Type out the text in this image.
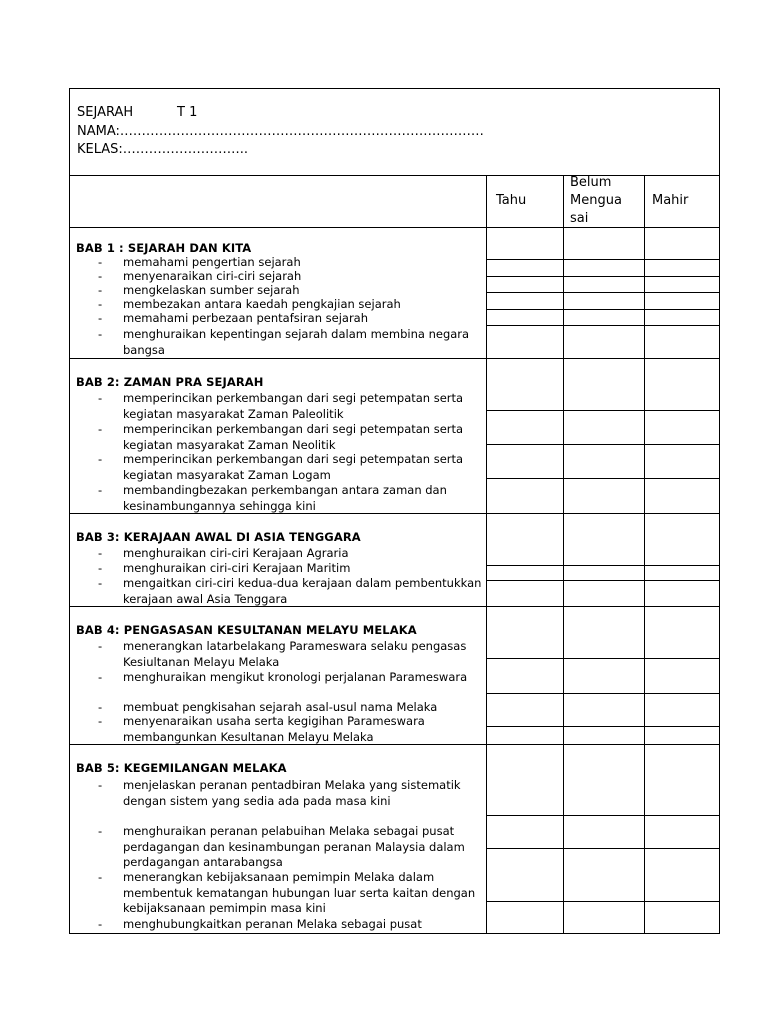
SEJARAH	T 1
NAMA:…………………………………………………………………………
KELAS:………………………..
Tahu
Belum Mengua sai
Mahir
BAB 1 : SEJARAH DAN KITA
- memahami pengertian sejarah
- menyenaraikan ciri-ciri sejarah
- mengkelaskan sumber sejarah
- membezakan antara kaedah pengkajian sejarah
- memahami perbezaan pentafsiran sejarah
- menghuraikan kepentingan sejarah dalam membina negara bangsa
BAB 2: ZAMAN PRA SEJARAH
- memperincikan perkembangan dari segi petempatan serta kegiatan masyarakat Zaman Paleolitik
- memperincikan perkembangan dari segi petempatan serta kegiatan masyarakat Zaman Neolitik
- memperincikan perkembangan dari segi petempatan serta kegiatan masyarakat Zaman Logam
- membandingbezakan perkembangan antara zaman dan kesinambungannya sehingga kini
BAB 3: KERAJAAN AWAL DI ASIA TENGGARA
- menghuraikan ciri-ciri Kerajaan Agraria
- menghuraikan ciri-ciri Kerajaan Maritim
- mengaitkan ciri-ciri kedua-dua kerajaan dalam pembentukkan kerajaan awal Asia Tenggara
BAB 4: PENGASASAN KESULTANAN MELAYU MELAKA
- menerangkan latarbelakang Parameswara selaku pengasas Kesiultanan Melayu Melaka
- menghuraikan mengikut kronologi perjalanan Parameswara
- membuat pengkisahan sejarah asal-usul nama Melaka
- menyenaraikan usaha serta kegigihan Parameswara membangunkan Kesultanan Melayu Melaka
BAB 5: KEGEMILANGAN MELAKA
- menjelaskan peranan pentadbiran Melaka yang sistematik dengan sistem yang sedia ada pada masa kini
- menghuraikan peranan pelabuihan Melaka sebagai pusat perdagangan dan kesinambungan peranan Malaysia dalam perdagangan antarabangsa
- menerangkan kebijaksanaan pemimpin Melaka dalam membentuk kematangan hubungan luar serta kaitan dengan kebijaksanaan pemimpin masa kini
- menghubungkaitkan peranan Melaka sebagai pusat
